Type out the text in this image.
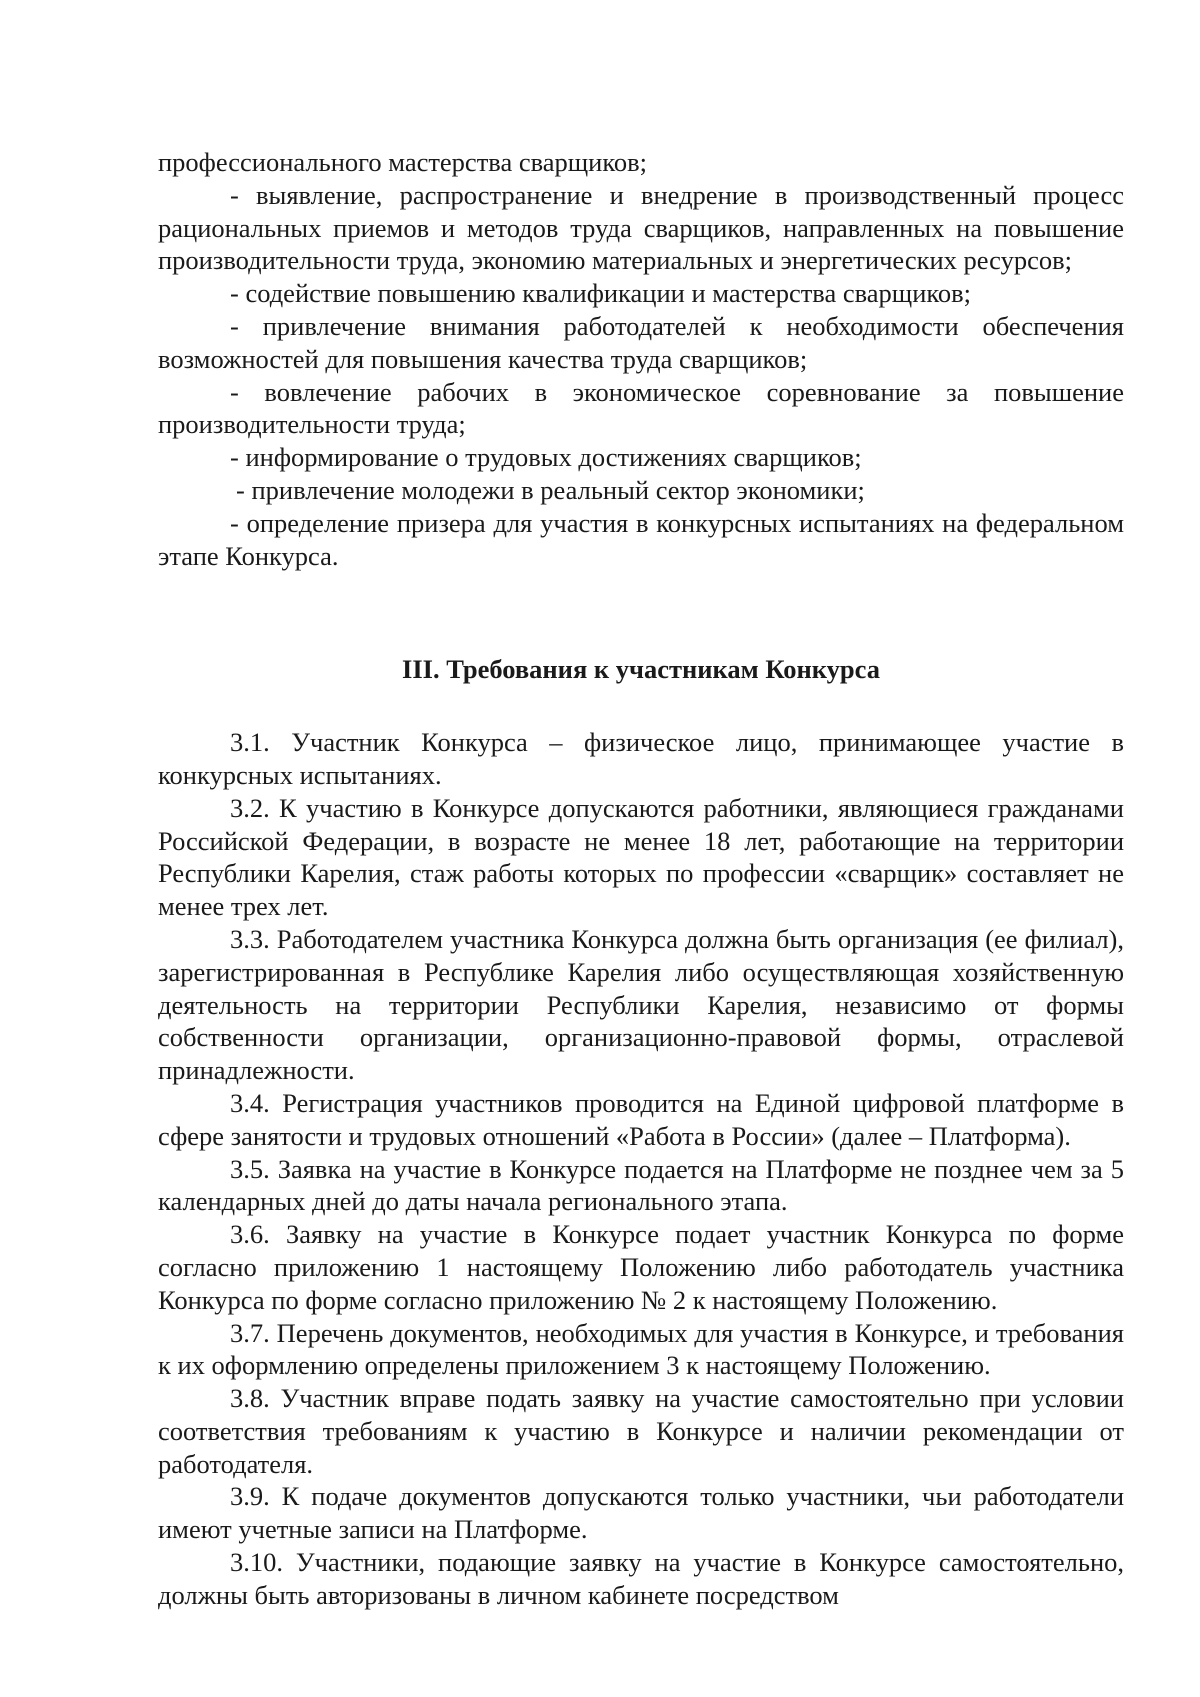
профессионального мастерства сварщиков;

- выявление, распространение и внедрение в производственный процесс рациональных приемов и методов труда сварщиков, направленных на повышение производительности труда, экономию материальных и энергетических ресурсов;

- содействие повышению квалификации и мастерства сварщиков;

- привлечение внимания работодателей к необходимости обеспечения возможностей для повышения качества труда сварщиков;

- вовлечение рабочих в экономическое соревнование за повышение производительности труда;

- информирование о трудовых достижениях сварщиков;

- привлечение молодежи в реальный сектор экономики;

- определение призера для участия в конкурсных испытаниях на федеральном этапе Конкурса.

III. Требования к участникам Конкурса

3.1. Участник Конкурса – физическое лицо, принимающее участие в конкурсных испытаниях.

3.2. К участию в Конкурсе допускаются работники, являющиеся гражданами Российской Федерации, в возрасте не менее 18 лет, работающие на территории Республики Карелия, стаж работы которых по профессии «сварщик» составляет не менее трех лет.

3.3. Работодателем участника Конкурса должна быть организация (ее филиал), зарегистрированная в Республике Карелия либо осуществляющая хозяйственную деятельность на территории Республики Карелия, независимо от формы собственности организации, организационно-правовой формы, отраслевой принадлежности.

3.4. Регистрация участников проводится на Единой цифровой платформе в сфере занятости и трудовых отношений «Работа в России» (далее – Платформа).

3.5. Заявка на участие в Конкурсе подается на Платформе не позднее чем за 5 календарных дней до даты начала регионального этапа.

3.6. Заявку на участие в Конкурсе подает участник Конкурса по форме согласно приложению 1 настоящему Положению либо работодатель участника Конкурса по форме согласно приложению № 2 к настоящему Положению.

3.7. Перечень документов, необходимых для участия в Конкурсе, и требования к их оформлению определены приложением 3 к настоящему Положению.

3.8. Участник вправе подать заявку на участие самостоятельно при условии соответствия требованиям к участию в Конкурсе и наличии рекомендации от работодателя.

3.9. К подаче документов допускаются только участники, чьи работодатели имеют учетные записи на Платформе.

3.10. Участники, подающие заявку на участие в Конкурсе самостоятельно, должны быть авторизованы в личном кабинете посредством
